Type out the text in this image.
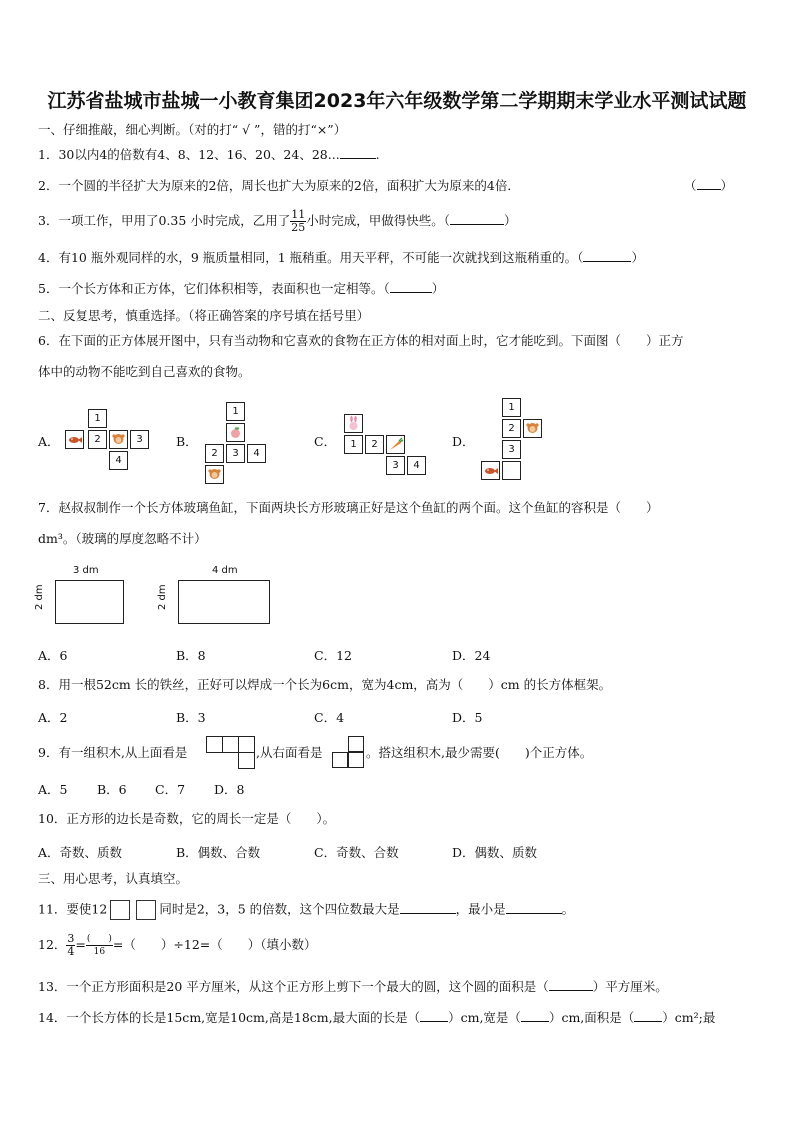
江苏省盐城市盐城一小教育集团2023年六年级数学第二学期期末学业水平测试试题
一、仔细推敲，细心判断。（对的打“ √ ”，错的打“×”）
1．30以内4的倍数有4、8、12、16、20、24、28...	.
2．一个圆的半径扩大为原来的2倍，周长也扩大为原来的2倍，面积扩大为原来的4倍．	（ ）
3．一项工作，甲用了0.35 小时完成，乙用了 $\frac{11}{25}$ 小时完成，甲做得快些。（	）
4．有10 瓶外观同样的水，9 瓶质量相同，1 瓶稍重。用天平秤，不可能一次就找到这瓶稍重的。（	）
5．一个长方体和正方体，它们体积相等，表面积也一定相等。（	）
二、反复思考，慎重选择。（将正确答案的序号填在括号里）
6．在下面的正方体展开图中，只有当动物和它喜欢的食物在正方体的相对面上时，它才能吃到。下面图（　　）正方
体中的动物不能吃到自己喜欢的食物。
A．	B．	C．	D．
1
2	3
4
1
2	3	4
1	2
3	4
1
2
3
7．赵叔叔制作一个长方体玻璃鱼缸，下面两块长方形玻璃正好是这个鱼缸的两个面。这个鱼缸的容积是（　　）
dm³。（玻璃的厚度忽略不计）
3 dm
2 dm
4 dm
2 dm
A．6	B．8	C．12	D．24
8．用一根52cm 长的铁丝，正好可以焊成一个长为6cm，宽为4cm，高为（　　）cm 的长方体框架。
A．2	B．3	C．4	D．5
9．有一组积木,从上面看是	,从右面看是	。搭这组积木,最少需要(　　)个正方体。
A．5 B．6 C．7 D．8
10．正方形的边长是奇数，它的周长一定是（　　）。
A．奇数、质数	B．偶数、合数	C．奇数、合数	D．偶数、质数
三、用心思考，认真填空。
11．要使12	同时是2，3，5 的倍数，这个四位数最大是	，最小是	。
12． $\frac{3}{4} = \frac{( )}{16}$ =（　　）÷12=（　　）（填小数）
13．一个正方形面积是20 平方厘米，从这个正方形上剪下一个最大的圆，这个圆的面积是（	）平方厘米。
14．一个长方体的长是15cm,宽是10cm,高是18cm,最大面的长是（ ）cm,宽是（ ）cm,面积是（ ）cm²;最
